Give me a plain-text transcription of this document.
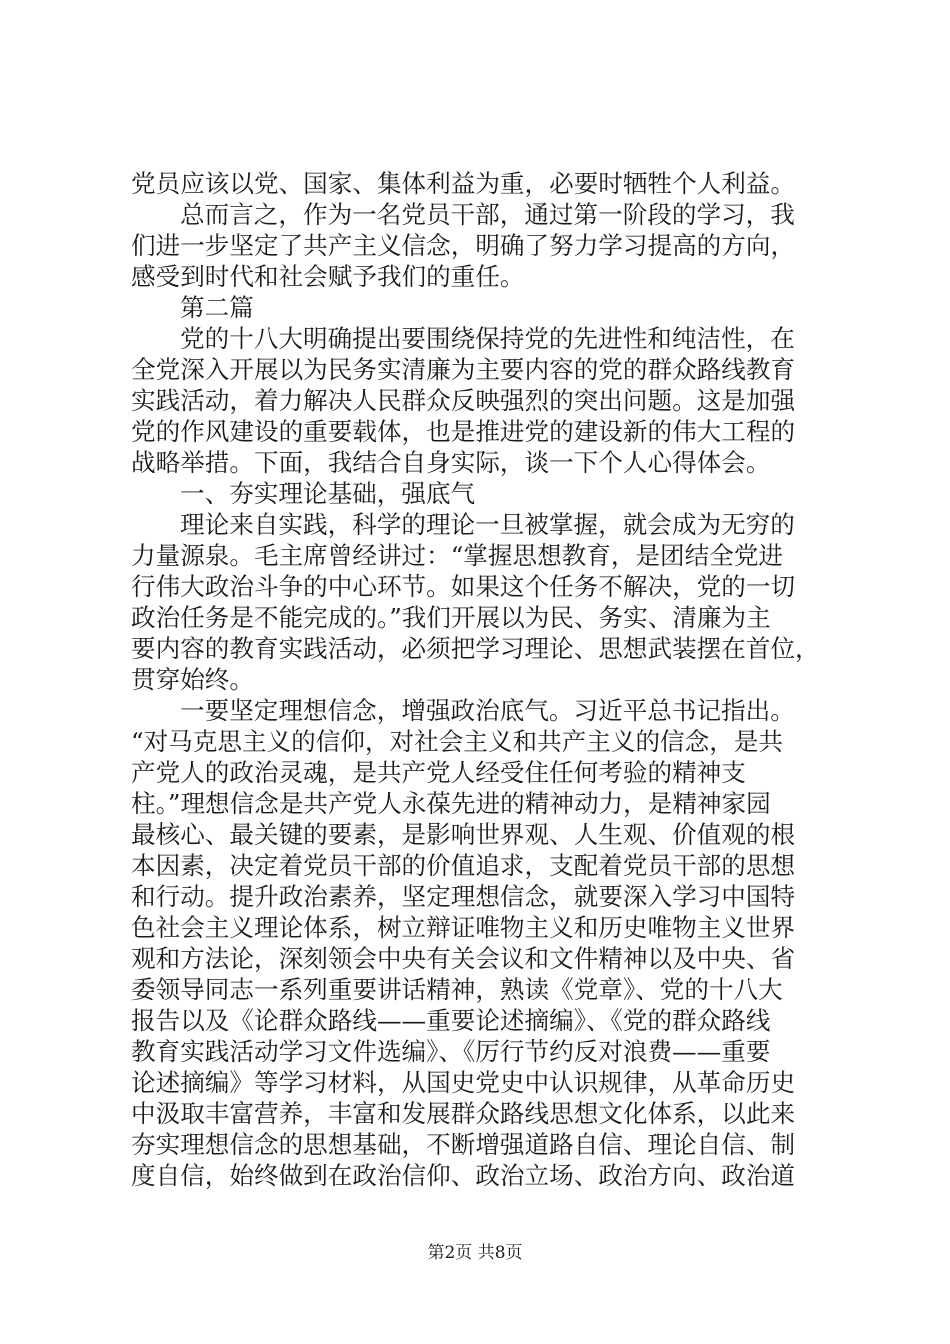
党员应该以党、国家、集体利益为重，必要时牺牲个人利益。
总而言之，作为一名党员干部，通过第一阶段的学习，我
们进一步坚定了共产主义信念，明确了努力学习提高的方向，
感受到时代和社会赋予我们的重任。
第二篇
党的十八大明确提出要围绕保持党的先进性和纯洁性，在
全党深入开展以为民务实清廉为主要内容的党的群众路线教育
实践活动，着力解决人民群众反映强烈的突出问题。这是加强
党的作风建设的重要载体，也是推进党的建设新的伟大工程的
战略举措。下面，我结合自身实际，谈一下个人心得体会。
一、夯实理论基础，强底气
理论来自实践，科学的理论一旦被掌握，就会成为无穷的
力量源泉。毛主席曾经讲过：“掌握思想教育，是团结全党进
行伟大政治斗争的中心环节。如果这个任务不解决，党的一切
政治任务是不能完成的。”我们开展以为民、务实、清廉为主
要内容的教育实践活动，必须把学习理论、思想武装摆在首位，
贯穿始终。
一要坚定理想信念，增强政治底气。习近平总书记指出。
“对马克思主义的信仰，对社会主义和共产主义的信念，是共
产党人的政治灵魂，是共产党人经受住任何考验的精神支
柱。”理想信念是共产党人永葆先进的精神动力，是精神家园
最核心、最关键的要素，是影响世界观、人生观、价值观的根
本因素，决定着党员干部的价值追求，支配着党员干部的思想
和行动。提升政治素养，坚定理想信念，就要深入学习中国特
色社会主义理论体系，树立辩证唯物主义和历史唯物主义世界
观和方法论，深刻领会中央有关会议和文件精神以及中央、省
委领导同志一系列重要讲话精神，熟读《党章》、党的十八大
报告以及《论群众路线——重要论述摘编》、《党的群众路线
教育实践活动学习文件选编》、《厉行节约反对浪费——重要
论述摘编》等学习材料，从国史党史中认识规律，从革命历史
中汲取丰富营养，丰富和发展群众路线思想文化体系，以此来
夯实理想信念的思想基础，不断增强道路自信、理论自信、制
度自信，始终做到在政治信仰、政治立场、政治方向、政治道
第2页 共8页
